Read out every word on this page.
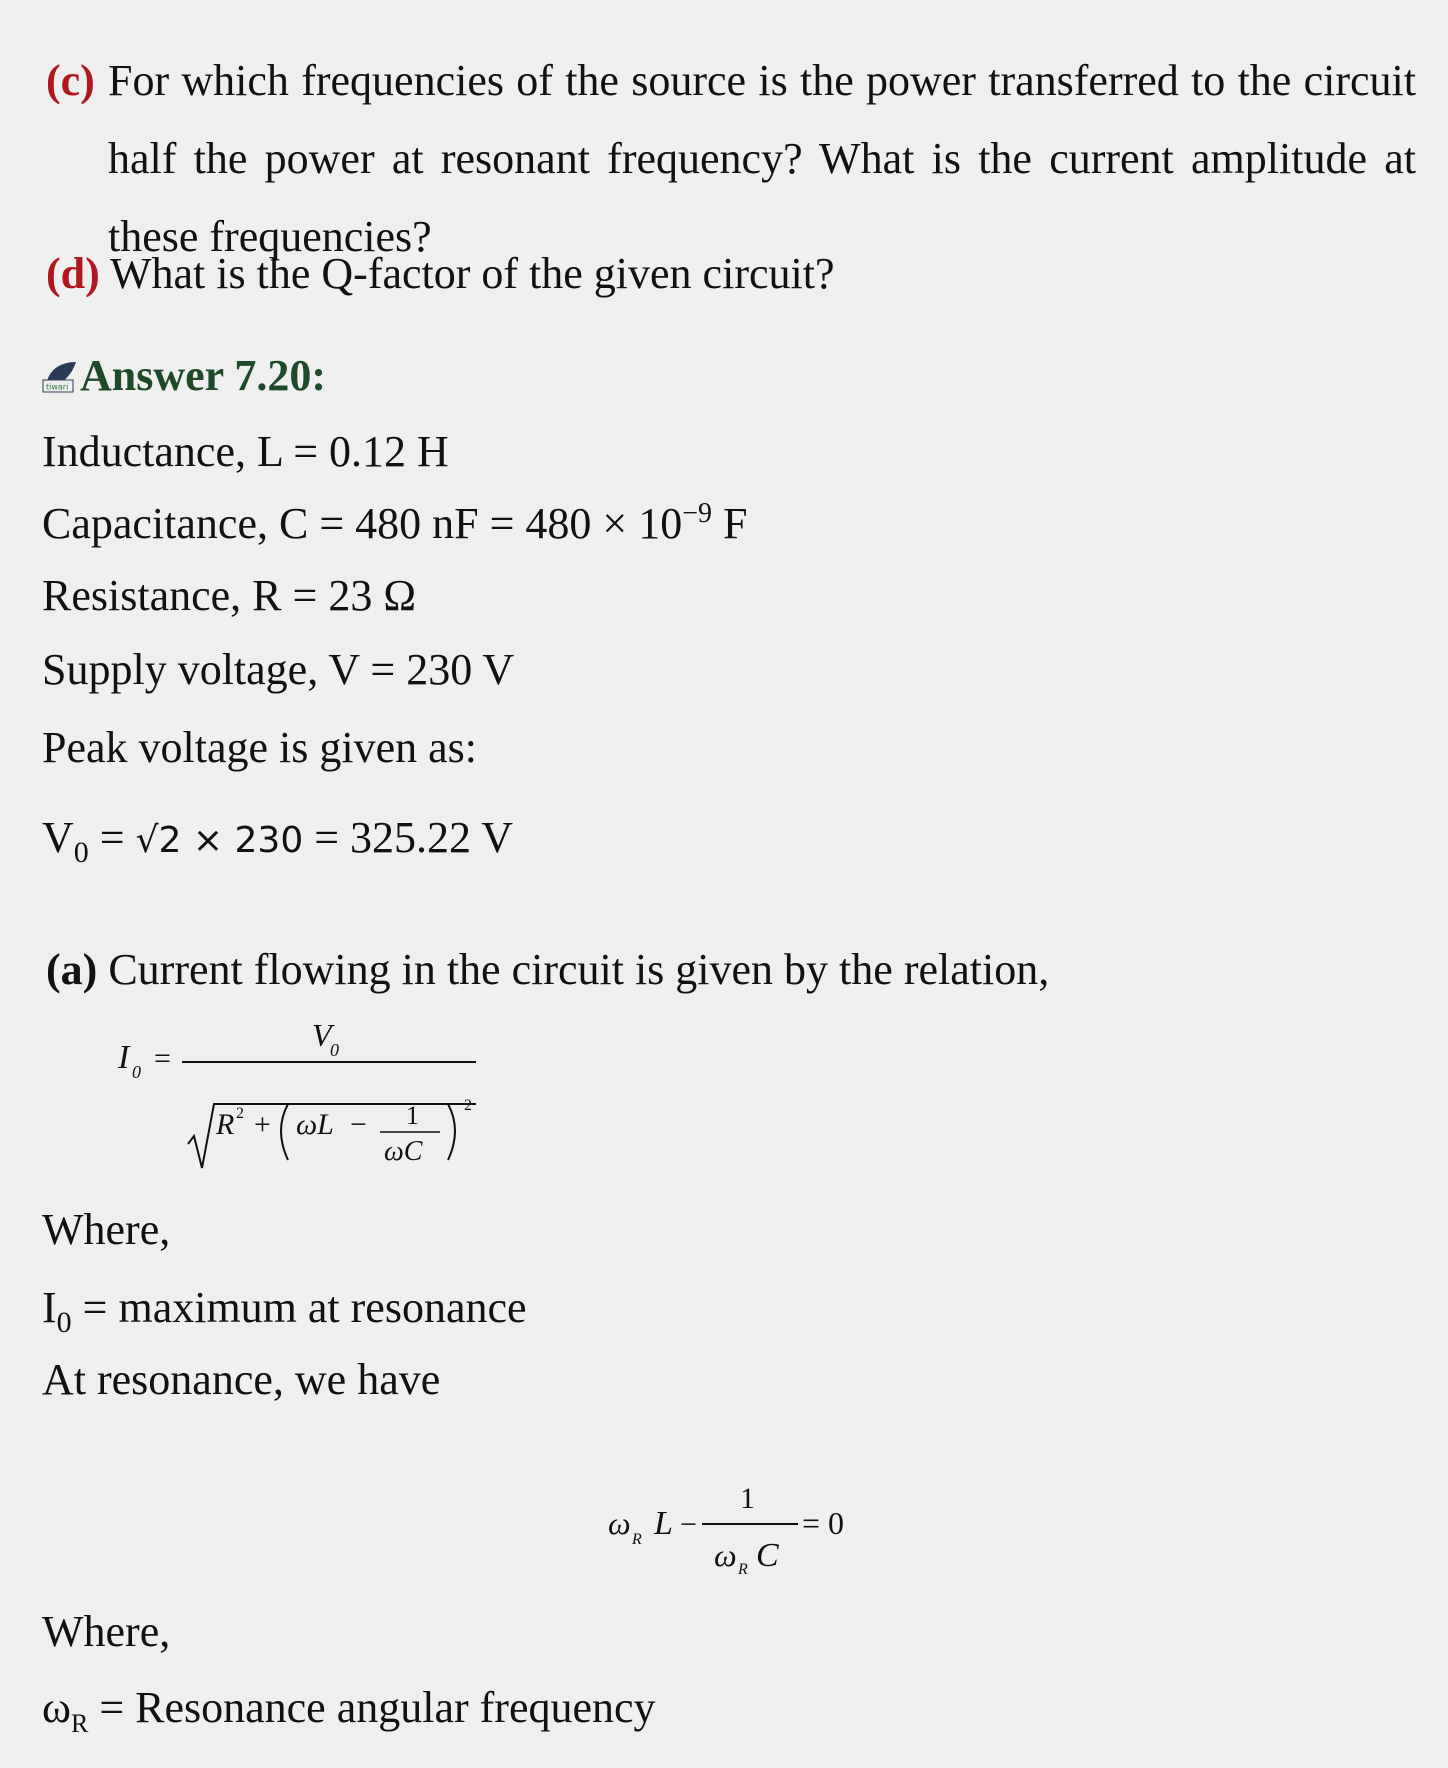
(c) For which frequencies of the source is the power transferred to the circuit half the power at resonant frequency? What is the current amplitude at these frequencies?
(d) What is the Q-factor of the given circuit?
tiwari Answer 7.20:
Inductance, L = 0.12 H
Capacitance, C = 480 nF = $480 \times 10^{-9}$ F
Resistance, R = 23 Ω
Supply voltage, V = 230 V
Peak voltage is given as:
$V_0 = √2 \times 230 = 325.22$ V
(a) Current flowing in the circuit is given by the relation,
I 0 =
V
0
R 2 + ωL − 1
ωC
2
Where,
$I_0$ = maximum at resonance
At resonance, we have
ω R L −
1
ω R C
= 0
Where,
$\omega_R$ = Resonance angular frequency
